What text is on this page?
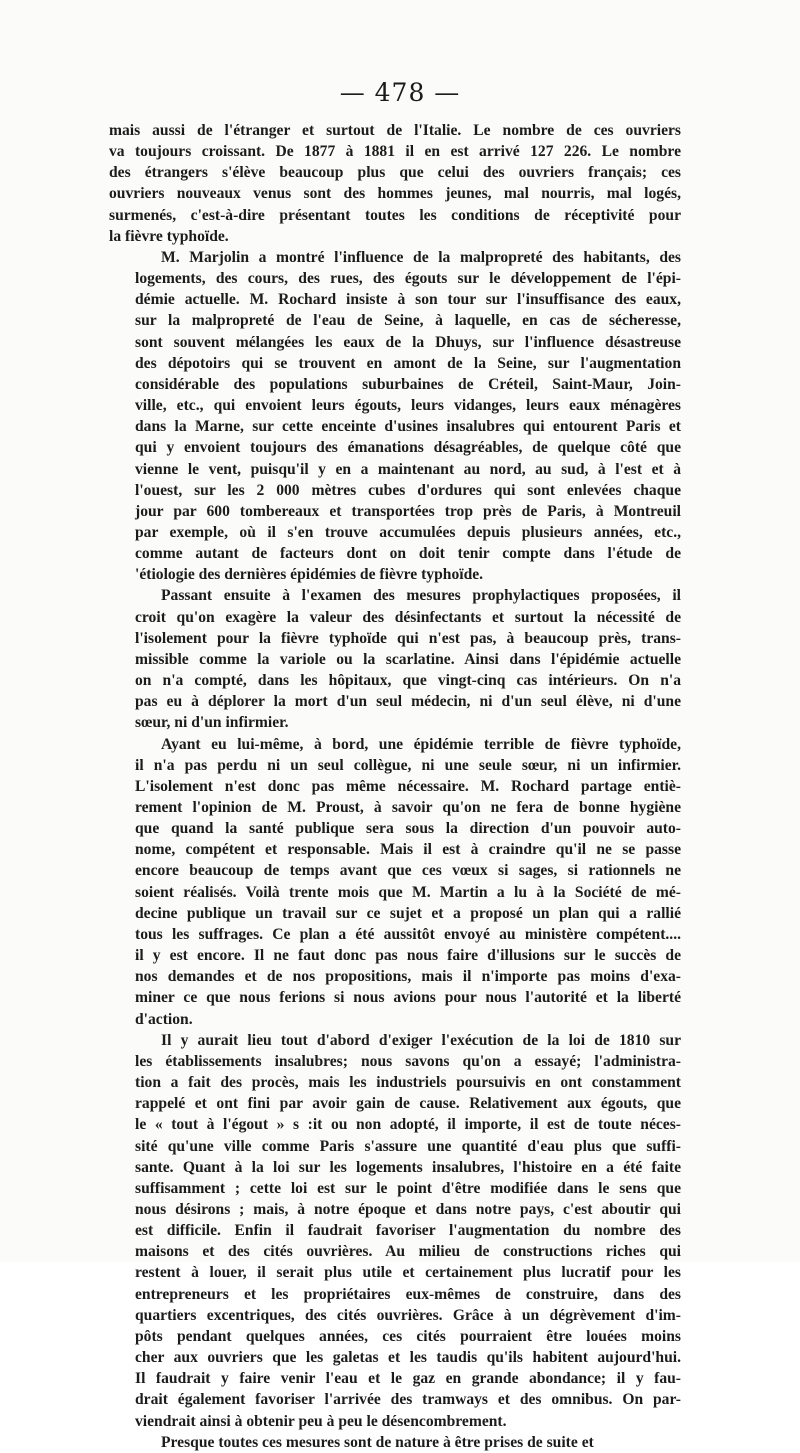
— 478 —
mais aussi de l'étranger et surtout de l'Italie. Le nombre de ces ouvriers
va toujours croissant. De 1877 à 1881 il en est arrivé 127 226. Le nombre
des étrangers s'élève beaucoup plus que celui des ouvriers français; ces
ouvriers nouveaux venus sont des hommes jeunes, mal nourris, mal logés,
surmenés, c'est-à-dire présentant toutes les conditions de réceptivité pour
la fièvre typhoïde.
M. Marjolin a montré l'influence de la malpropreté des habitants, des
logements, des cours, des rues, des égouts sur le développement de l'épi-
démie actuelle. M. Rochard insiste à son tour sur l'insuffisance des eaux,
sur la malpropreté de l'eau de Seine, à laquelle, en cas de sécheresse,
sont souvent mélangées les eaux de la Dhuys, sur l'influence désastreuse
des dépotoirs qui se trouvent en amont de la Seine, sur l'augmentation
considérable des populations suburbaines de Créteil, Saint-Maur, Join-
ville, etc., qui envoient leurs égouts, leurs vidanges, leurs eaux ménagères
dans la Marne, sur cette enceinte d'usines insalubres qui entourent Paris et
qui y envoient toujours des émanations désagréables, de quelque côté que
vienne le vent, puisqu'il y en a maintenant au nord, au sud, à l'est et à
l'ouest, sur les 2 000 mètres cubes d'ordures qui sont enlevées chaque
jour par 600 tombereaux et transportées trop près de Paris, à Montreuil
par exemple, où il s'en trouve accumulées depuis plusieurs années, etc.,
comme autant de facteurs dont on doit tenir compte dans l'étude de
'étiologie des dernières épidémies de fièvre typhoïde.
Passant ensuite à l'examen des mesures prophylactiques proposées, il
croit qu'on exagère la valeur des désinfectants et surtout la nécessité de
l'isolement pour la fièvre typhoïde qui n'est pas, à beaucoup près, trans-
missible comme la variole ou la scarlatine. Ainsi dans l'épidémie actuelle
on n'a compté, dans les hôpitaux, que vingt-cinq cas intérieurs. On n'a
pas eu à déplorer la mort d'un seul médecin, ni d'un seul élève, ni d'une
sœur, ni d'un infirmier.
Ayant eu lui-même, à bord, une épidémie terrible de fièvre typhoïde,
il n'a pas perdu ni un seul collègue, ni une seule sœur, ni un infirmier.
L'isolement n'est donc pas même nécessaire. M. Rochard partage entiè-
rement l'opinion de M. Proust, à savoir qu'on ne fera de bonne hygiène
que quand la santé publique sera sous la direction d'un pouvoir auto-
nome, compétent et responsable. Mais il est à craindre qu'il ne se passe
encore beaucoup de temps avant que ces vœux si sages, si rationnels ne
soient réalisés. Voilà trente mois que M. Martin a lu à la Société de mé-
decine publique un travail sur ce sujet et a proposé un plan qui a rallié
tous les suffrages. Ce plan a été aussitôt envoyé au ministère compétent....
il y est encore. Il ne faut donc pas nous faire d'illusions sur le succès de
nos demandes et de nos propositions, mais il n'importe pas moins d'exa-
miner ce que nous ferions si nous avions pour nous l'autorité et la liberté
d'action.
Il y aurait lieu tout d'abord d'exiger l'exécution de la loi de 1810 sur
les établissements insalubres; nous savons qu'on a essayé; l'administra-
tion a fait des procès, mais les industriels poursuivis en ont constamment
rappelé et ont fini par avoir gain de cause. Relativement aux égouts, que
le « tout à l'égout » s :it ou non adopté, il importe, il est de toute néces-
sité qu'une ville comme Paris s'assure une quantité d'eau plus que suffi-
sante. Quant à la loi sur les logements insalubres, l'histoire en a été faite
suffisamment ; cette loi est sur le point d'être modifiée dans le sens que
nous désirons ; mais, à notre époque et dans notre pays, c'est aboutir qui
est difficile. Enfin il faudrait favoriser l'augmentation du nombre des
maisons et des cités ouvrières. Au milieu de constructions riches qui
restent à louer, il serait plus utile et certainement plus lucratif pour les
entrepreneurs et les propriétaires eux-mêmes de construire, dans des
quartiers excentriques, des cités ouvrières. Grâce à un dégrèvement d'im-
pôts pendant quelques années, ces cités pourraient être louées moins
cher aux ouvriers que les galetas et les taudis qu'ils habitent aujourd'hui.
Il faudrait y faire venir l'eau et le gaz en grande abondance; il y fau-
drait également favoriser l'arrivée des tramways et des omnibus. On par-
viendrait ainsi à obtenir peu à peu le désencombrement.
Presque toutes ces mesures sont de nature à être prises de suite et
